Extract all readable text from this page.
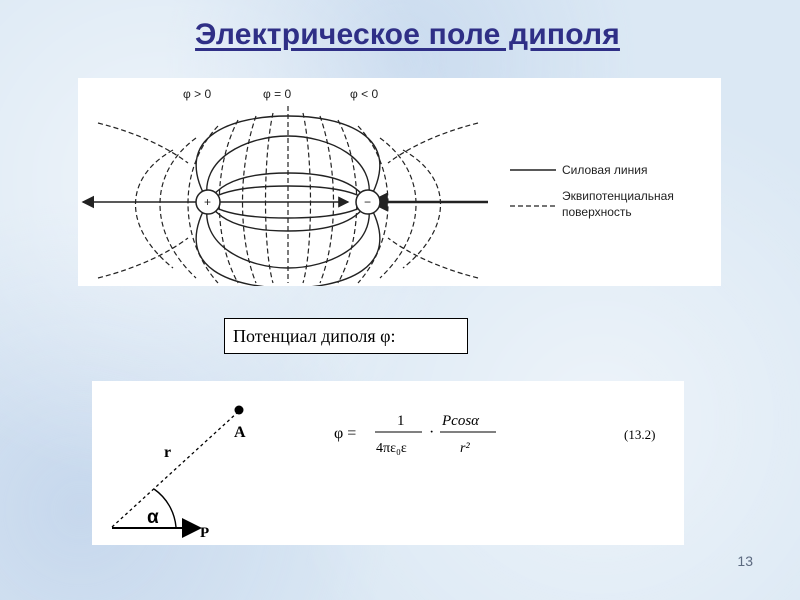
Электрическое поле диполя
φ > 0	φ = 0	φ < 0
+	−
Силовая линия
Эквипотенциальная
поверхность
Потенциал диполя φ:
A
r
P
α
φ =
1
4πε₀ε
·
Pcosα
r²
(13.2)
13
